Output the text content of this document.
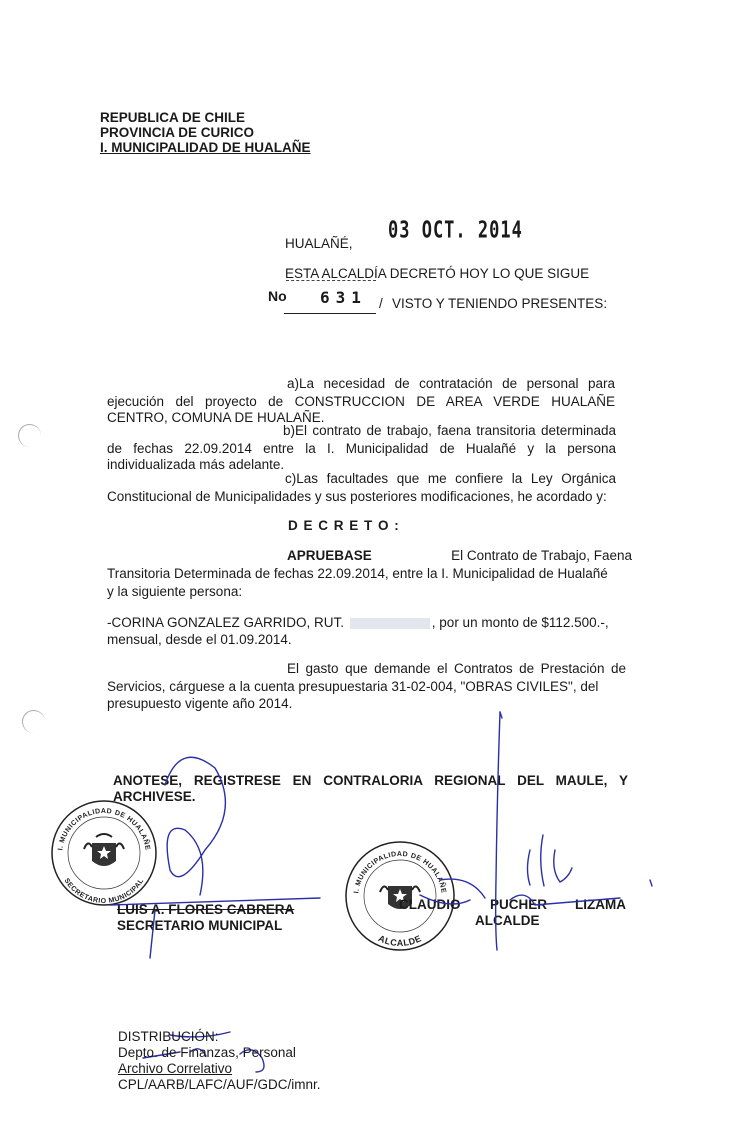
REPUBLICA DE CHILE
PROVINCIA DE CURICO
I. MUNICIPALIDAD DE HUALAÑE
HUALAÑÉ, 03 OCT. 2014
ESTA ALCALDÍA DECRETÓ HOY LO QUE SIGUE
No 631 / VISTO Y TENIENDO PRESENTES:
a)La necesidad de contratación de personal para
ejecución del proyecto de CONSTRUCCION DE AREA VERDE HUALAÑE
CENTRO, COMUNA DE HUALAÑE.
b)El contrato de trabajo, faena transitoria determinada
de fechas 22.09.2014 entre la I. Municipalidad de Hualañé y la persona
individualizada más adelante.
c)Las facultades que me confiere la Ley Orgánica
Constitucional de Municipalidades y sus posteriores modificaciones, he acordado y:
D E C R E T O :
APRUEBASE	El Contrato de Trabajo, Faena
Transitoria Determinada de fechas 22.09.2014, entre la I. Municipalidad de Hualañé
y la siguiente persona:
-CORINA GONZALEZ GARRIDO, RUT.	, por un monto de $112.500.-,
mensual, desde el 01.09.2014.
El gasto que demande el Contratos de Prestación de
Servicios, cárguese a la cuenta presupuestaria 31-02-004, "OBRAS CIVILES", del
presupuesto vigente año 2014.
ANOTESE, REGISTRESE EN CONTRALORIA REGIONAL DEL MAULE, Y
ARCHIVESE.
I. MUNICIPALIDAD DE HUALAÑE
SECRETARIO MUNICIPAL
I. MUNICIPALIDAD DE HUALAÑE
ALCALDE
LUIS A. FLORES CABRERA
SECRETARIO MUNICIPAL
CLAUDIO PUCHER LIZAMA
ALCALDE
DISTRIBUCIÓN:
Depto. de Finanzas, Personal
Archivo Correlativo
CPL/AARB/LAFC/AUF/GDC/imnr.
